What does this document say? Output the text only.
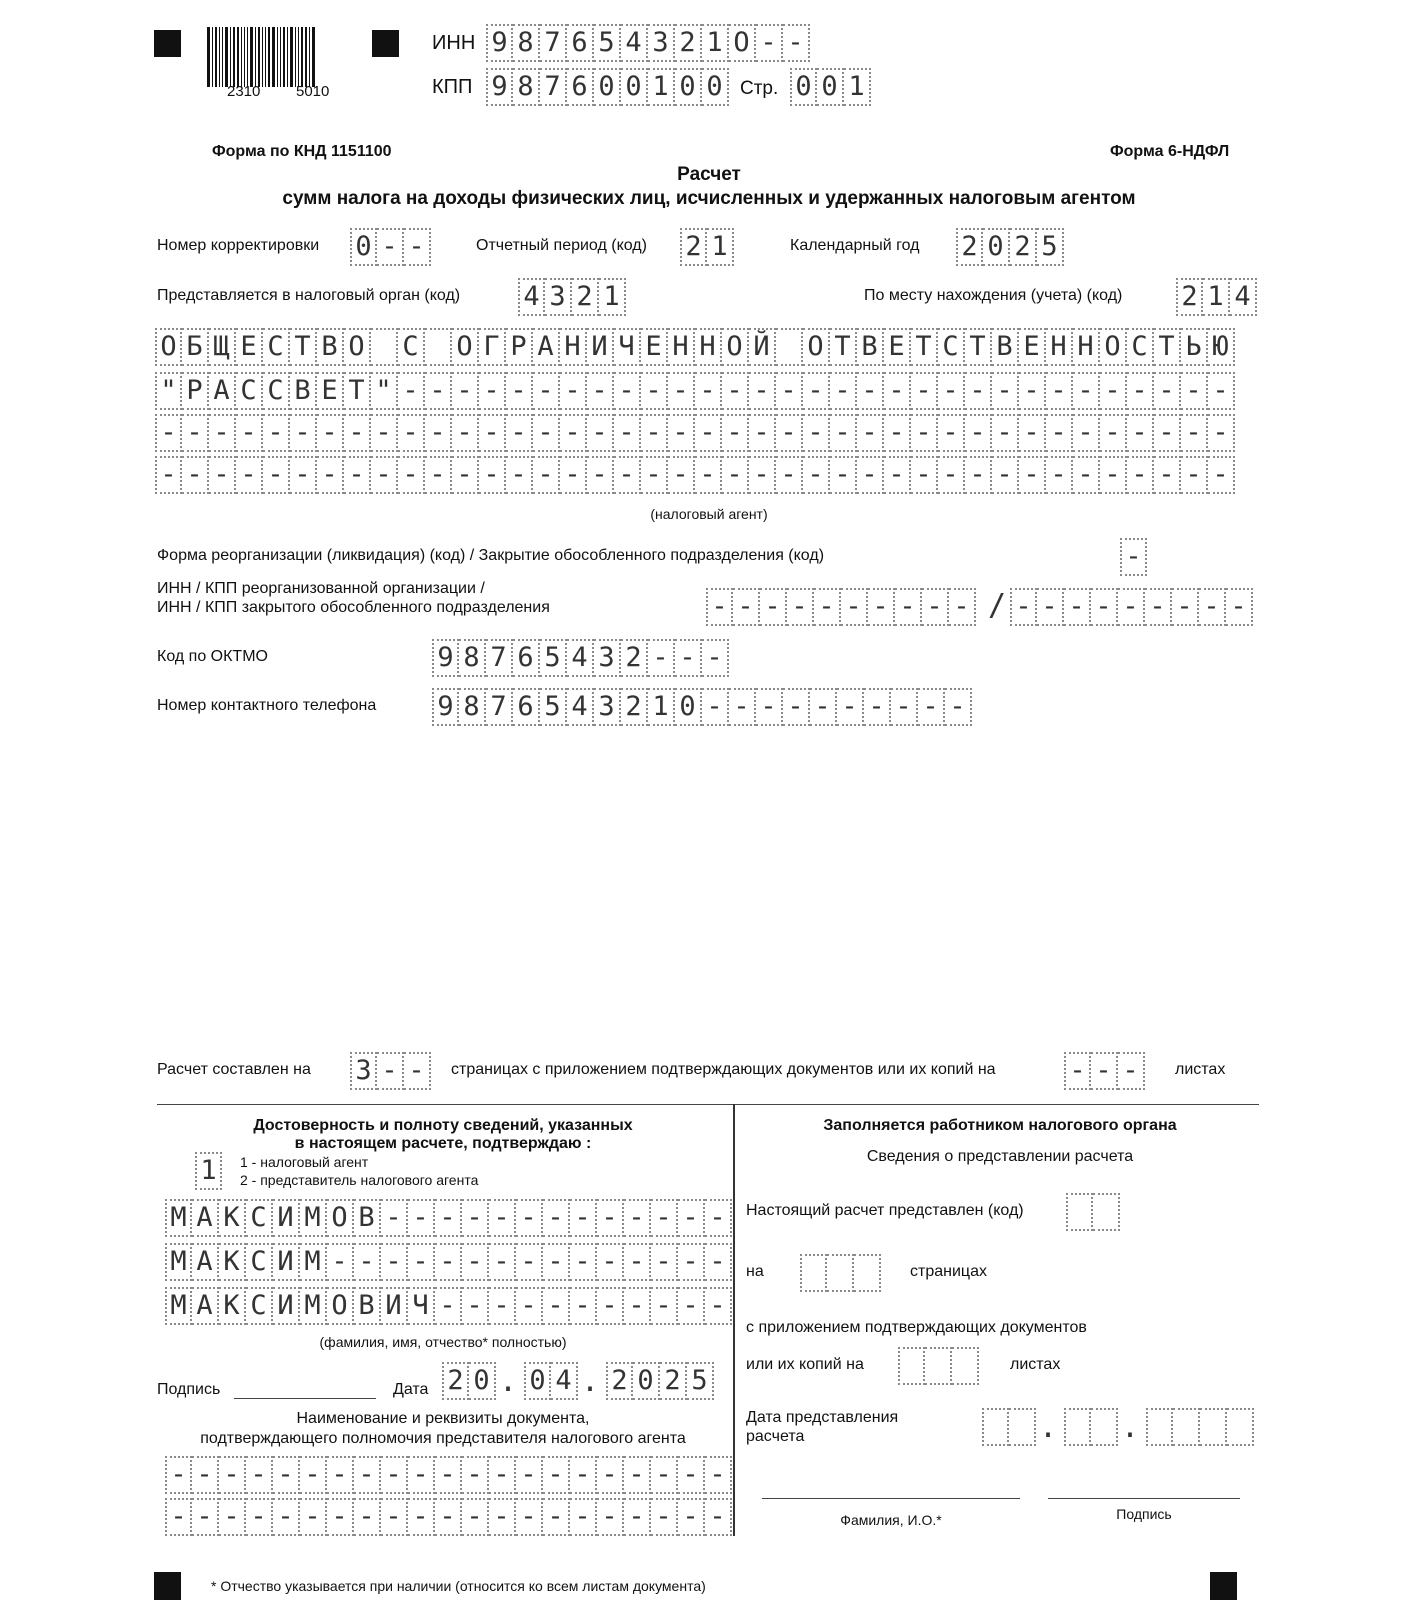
2310 5010
ИНН 9 8 7 6 5 4 3 2 1 O - -
КПП 9 8 7 6 0 0 1 0 0 Стр. 0 0 1
Форма по КНД 1151100	Форма 6-НДФЛ
Расчет
сумм налога на доходы физических лиц, исчисленных и удержанных налоговым агентом
Номер корректировки 0 - -	Отчетный период (код) 2 1	Календарный год 2 0 2 5
Представляется в налоговый орган (код) 4 3 2 1	По месту нахождения (учета) (код) 2 1 4
О Б Щ Е С Т В О С О Г Р А Н И Ч Е Н Н О Й О Т В Е Т С Т В Е Н Н О С Т Ь Ю
" Р А С С В Е Т " - - - - - - - - - - - - - - - - - - - - - - - - - - - - - - -
- - - - - - - - - - - - - - - - - - - - - - - - - - - - - - - - - - - - - - - -
- - - - - - - - - - - - - - - - - - - - - - - - - - - - - - - - - - - - - - - -
(налоговый агент)
Форма реорганизации (ликвидация) (код) / Закрытие обособленного подразделения (код)	-
ИНН / КПП реорганизованной организации /
ИНН / КПП закрытого обособленного подразделения	- - - - - - - - - - / - - - - - - - - -
Код по ОКТМО	9 8 7 6 5 4 3 2 - - -
Номер контактного телефона 9 8 7 6 5 4 3 2 1 0 - - - - - - - - - -
Расчет составлен на 3 - -	страницах с приложением подтверждающих документов или их копий на	- - -	листах
Достоверность и полноту сведений, указанных
в настоящем расчете, подтверждаю :
1	1 - налоговый агент
2 - представитель налогового агента
М А К С И М О В - - - - - - - - - - - - -
М А К С И М - - - - - - - - - - - - - - -
М А К С И М О В И Ч - - - - - - - - - - -
(фамилия, имя, отчество* полностью)
Подпись	Дата 2 0 . 0 4 . 2 0 2 5
Наименование и реквизиты документа,
подтверждающего полномочия представителя налогового агента
- - - - - - - - - - - - - - - - - - - - -
- - - - - - - - - - - - - - - - - - - - -
Заполняется работником налогового органа
Сведения о представлении расчета
Настоящий расчет представлен (код)
на	страницах
с приложением подтверждающих документов
или их копий на	листах
Дата представления
расчета	. .
Фамилия, И.О.*	Подпись
* Отчество указывается при наличии (относится ко всем листам документа)
